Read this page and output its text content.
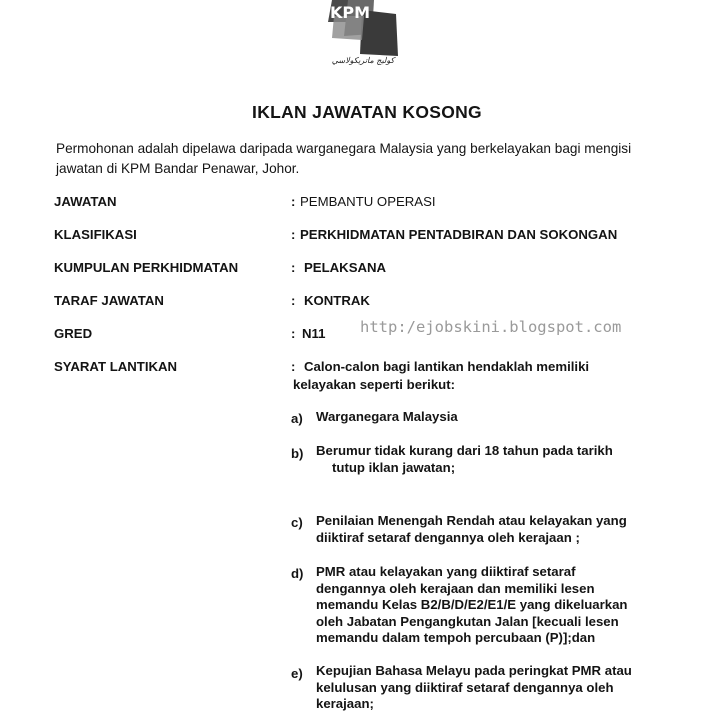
KPM
كوليج ماتريكولاسي
IKLAN JAWATAN KOSONG
Permohonan adalah dipelawa daripada warganegara Malaysia yang berkelayakan bagi mengisi
jawatan di KPM Bandar Penawar, Johor.
JAWATAN	: PEMBANTU OPERASI
KLASIFIKASI	: PERKHIDMATAN PENTADBIRAN DAN SOKONGAN
KUMPULAN PERKHIDMATAN	: PELAKSANA
TARAF JAWATAN	: KONTRAK
GRED	: N11
SYARAT LANTIKAN	: Calon-calon bagi lantikan hendaklah memiliki
kelayakan seperti berikut:
http:/ejobskini.blogspot.com
a) Warganegara Malaysia
b) Berumur tidak kurang dari 18 tahun pada tarikh
tutup iklan jawatan;
c) Penilaian Menengah Rendah atau kelayakan yang
diiktiraf setaraf dengannya oleh kerajaan ;
d) PMR atau kelayakan yang diiktiraf setaraf
dengannya oleh kerajaan dan memiliki lesen
memandu Kelas B2/B/D/E2/E1/E yang dikeluarkan
oleh Jabatan Pengangkutan Jalan [kecuali lesen
memandu dalam tempoh percubaan (P)];dan
e) Kepujian Bahasa Melayu pada peringkat PMR atau
kelulusan yang diiktiraf setaraf dengannya oleh
kerajaan;
